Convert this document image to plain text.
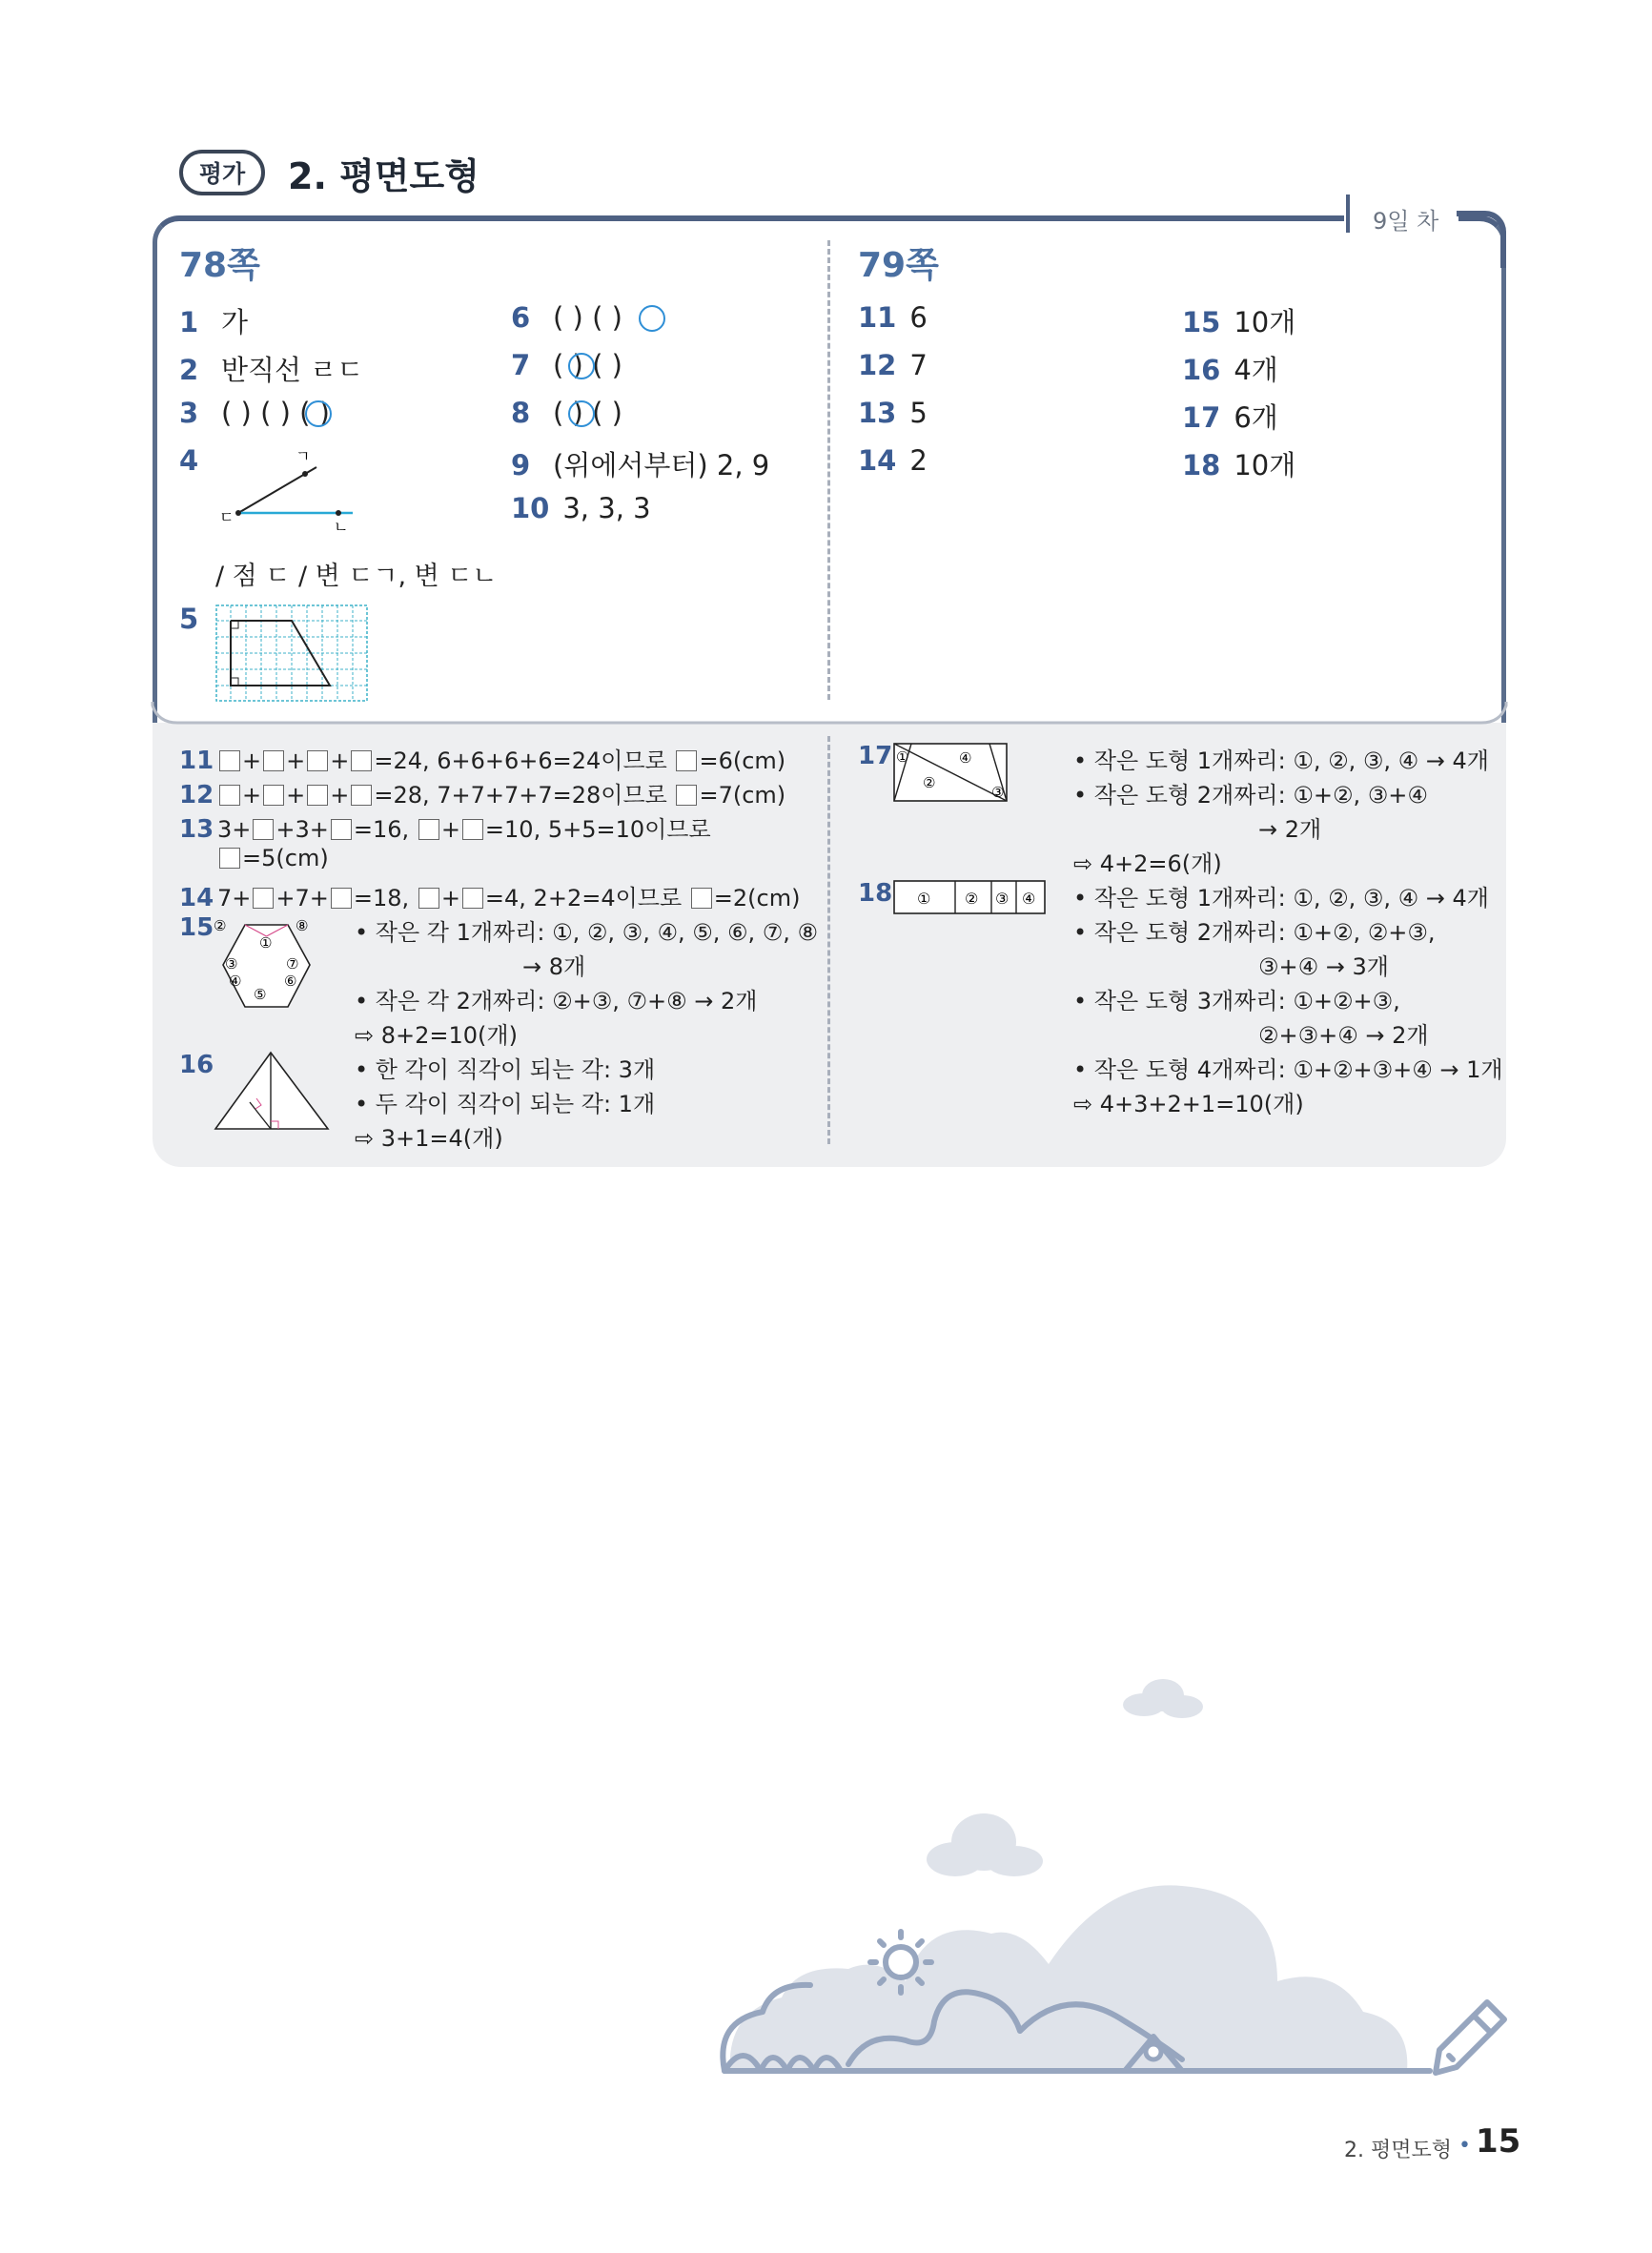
평가	2. 평면도형
9일 차
78쪽
1 가
2 반직선 ㄹㄷ
3 ( ) ( ) ( )
4	ㄱ
ㄷ
ㄴ
/ 점 ㄷ / 변 ㄷㄱ, 변 ㄷㄴ
5
6 ( ) ( )
7 ( ) ( )
8 ( ) ( )
9 (위에서부터) 2, 9
10 3, 3, 3
79쪽
11 6
12 7
13 5
14 2
15 10개
16 4개
17 6개
18 10개
11 + + + =24, 6+6+6+6=24이므로 =6(cm)
12 + + + =28, 7+7+7+7=28이므로 =7(cm)
13 3+ +3+ =16, + =10, 5+5=10이므로
=5(cm)
14 7+ +7+ =18, + =4, 2+2=4이므로 =2(cm)
15 ②	⑧
①
③	⑦
④	⑥
⑤
• 작은 각 1개짜리: ①, ②, ③, ④, ⑤, ⑥, ⑦, ⑧
→ 8개
• 작은 각 2개짜리: ②+③, ⑦+⑧ → 2개
⇨ 8+2=10(개)
16	• 한 각이 직각이 되는 각: 3개
• 두 각이 직각이 되는 각: 1개
⇨ 3+1=4(개)
17 ①
②
③
④	• 작은 도형 1개짜리: ①, ②, ③, ④ → 4개
• 작은 도형 2개짜리: ①+②, ③+④
→ 2개
⇨ 4+2=6(개)
18 ① ② ③ ④ • 작은 도형 1개짜리: ①, ②, ③, ④ → 4개
• 작은 도형 2개짜리: ①+②, ②+③,
③+④ → 3개
• 작은 도형 3개짜리: ①+②+③,
②+③+④ → 2개
• 작은 도형 4개짜리: ①+②+③+④ → 1개
⇨ 4+3+2+1=10(개)
2. 평면도형 • 15
